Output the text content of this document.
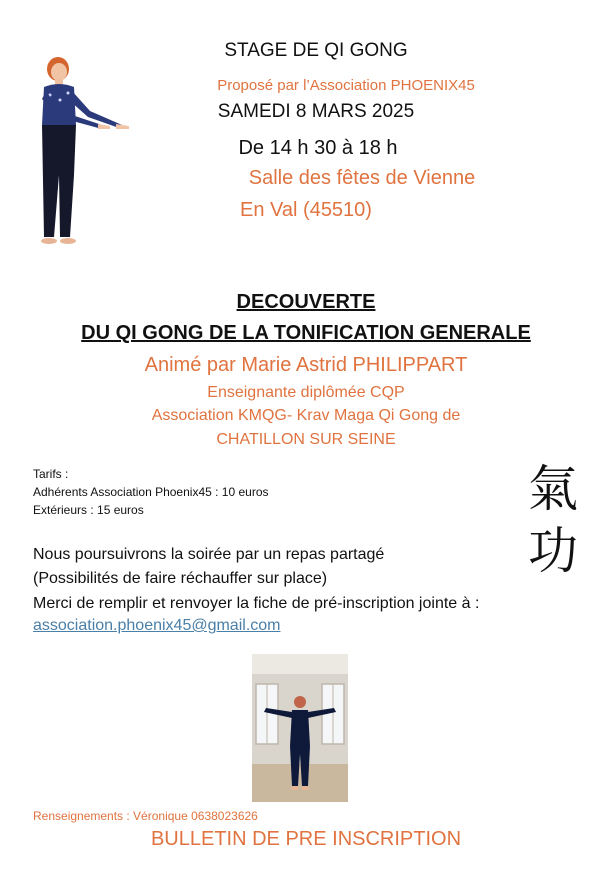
STAGE DE QI GONG
Proposé par l’Association PHOENIX45
SAMEDI 8 MARS 2025
De 14 h 30 à 18 h
Salle des fêtes de Vienne
En Val (45510)
DECOUVERTE
DU QI GONG DE LA TONIFICATION GENERALE
Animé par Marie Astrid PHILIPPART
Enseignante diplômée CQP
Association KMQG- Krav Maga Qi Gong de
CHATILLON SUR SEINE
Tarifs :
Adhérents Association Phoenix45 : 10 euros
Extérieurs : 15 euros	氣
功
Nous poursuivrons la soirée par un repas partagé
(Possibilités de faire réchauffer sur place)
Merci de remplir et renvoyer la fiche de pré-inscription jointe à :
association.phoenix45@gmail.com
Renseignements : Véronique 0638023626
BULLETIN DE PRE INSCRIPTION
